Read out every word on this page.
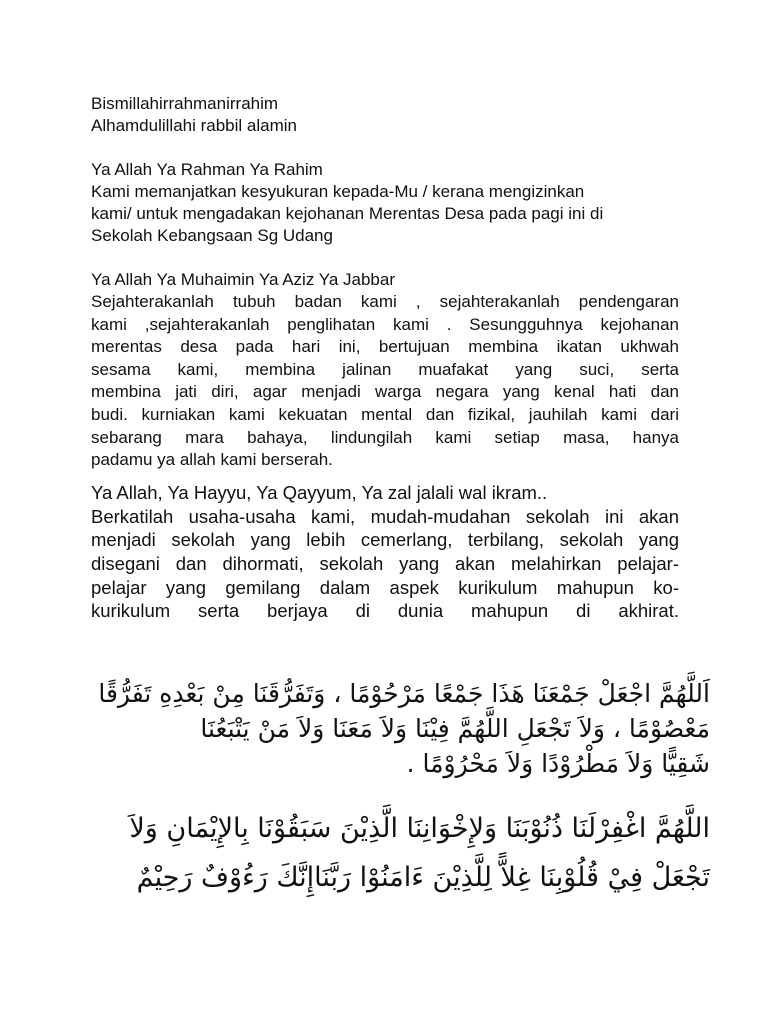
Bismillahirrahmanirrahim
Alhamdulillahi rabbil alamin
Ya Allah Ya Rahman Ya Rahim
Kami memanjatkan kesyukuran kepada-Mu / kerana mengizinkan
kami/ untuk mengadakan kejohanan Merentas Desa pada pagi ini di
Sekolah Kebangsaan Sg Udang
Ya Allah Ya Muhaimin Ya Aziz Ya Jabbar
Sejahterakanlah tubuh badan kami , sejahterakanlah pendengaran
kami ,sejahterakanlah penglihatan kami . Sesungguhnya kejohanan
merentas desa pada hari ini, bertujuan membina ikatan ukhwah
sesama kami, membina jalinan muafakat yang suci, serta
membina jati diri, agar menjadi warga negara yang kenal hati dan
budi. kurniakan kami kekuatan mental dan fizikal, jauhilah kami dari
sebarang mara bahaya, lindungilah kami setiap masa, hanya
padamu ya allah kami berserah.
Ya Allah, Ya Hayyu, Ya Qayyum, Ya zal jalali wal ikram..
Berkatilah usaha-usaha kami, mudah-mudahan sekolah ini akan
menjadi sekolah yang lebih cemerlang, terbilang, sekolah yang
disegani dan dihormati, sekolah yang akan melahirkan pelajar-
pelajar yang gemilang dalam aspek kurikulum mahupun ko-
kurikulum serta berjaya di dunia mahupun di akhirat.
اَللَّهُمَّ اجْعَلْ جَمْعَنَا هَذَا جَمْعًا مَرْحُوْمًا ، وَتَفَرُّقَنَا مِنْ بَعْدِهِ تَفَرُّقًا
مَعْصُوْمًا ، وَلاَ تَجْعَلِ اللَّهُمَّ فِيْنَا وَلاَ مَعَنَا وَلاَ مَنْ يَتْبَعُنَا
شَقِيًّا وَلاَ مَطْرُوْدًا وَلاَ مَحْرُوْمًا .
اللَّهُمَّ اغْفِرْلَنَا ذُنُوْبَنَا وَلإِخْوَانِنَا الَّذِيْنَ سَبَقُوْنَا بِالإِيْمَانِ وَلاَ
تَجْعَلْ فِيْ قُلُوْبِنَا غِلاًّ لِلَّذِيْنَ ءَامَنُوْا رَبَّنَاإِنَّكَ رَءُوْفٌ رَحِيْمٌ
